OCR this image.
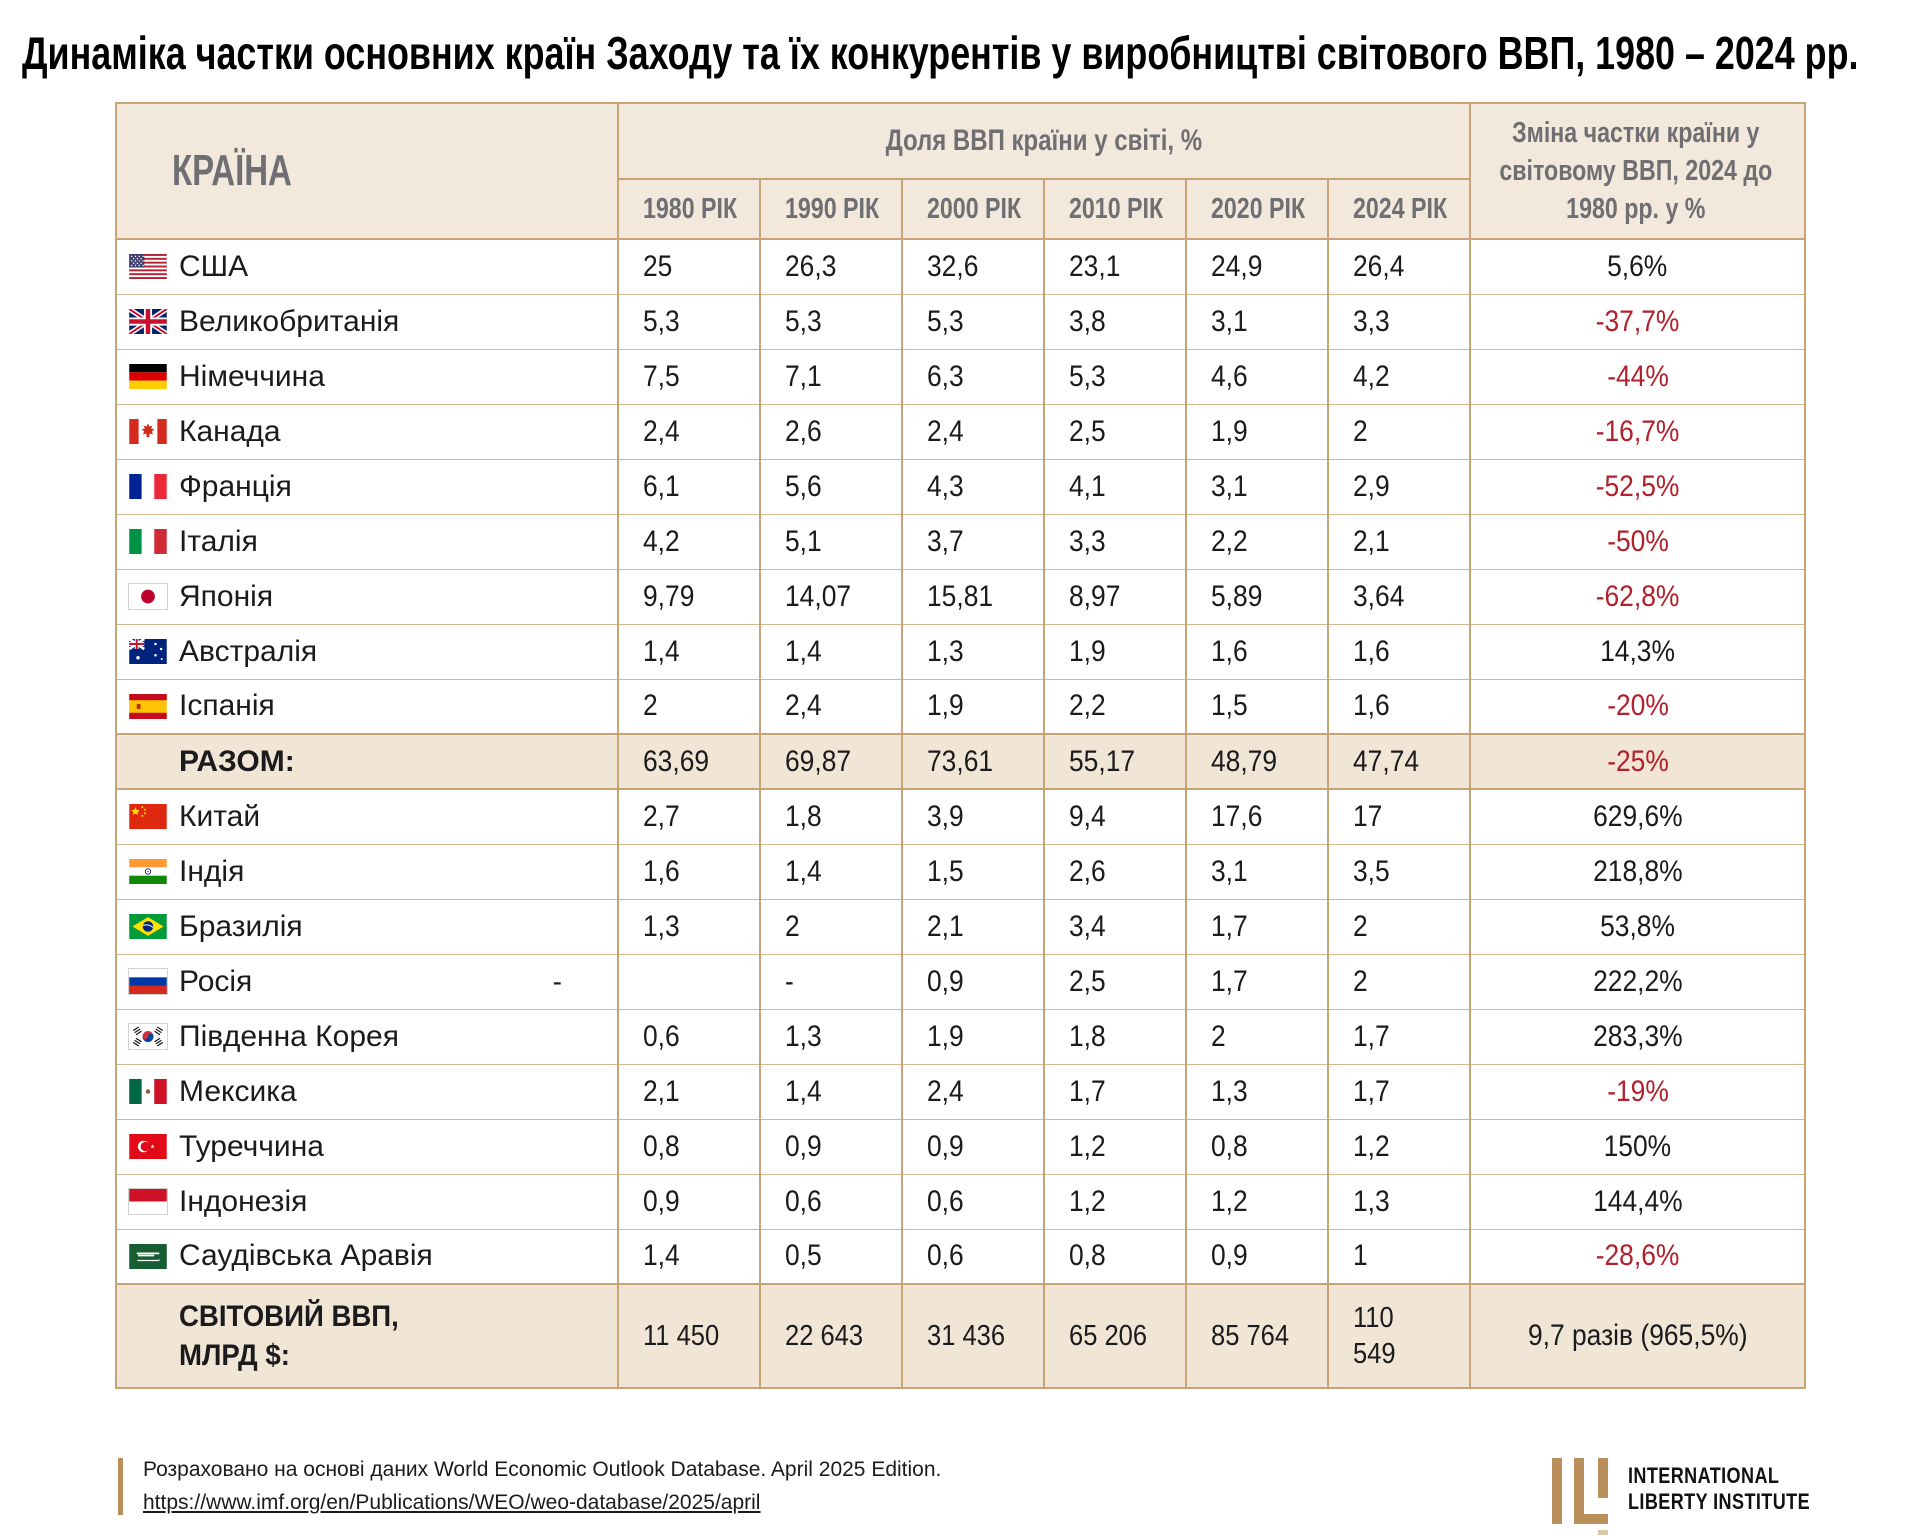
Динаміка частки основних країн Заходу та їх конкурентів у виробництві світового ВВП, 1980 – 2024 рр.
КРАЇНА	Доля ВВП країни у світі, %						Зміна частки країни у світовому ВВП, 2024 до 1980 рр. у %

	1980 РІК	1990 РІК	2000 РІК	2010 РІК	2020 РІК	2024 РІК	

США	25	26,3	32,6	23,1	24,9	26,4	5,6%

Великобританія	5,3	5,3	5,3	3,8	3,1	3,3	-37,7%

Німеччина	7,5	7,1	6,3	5,3	4,6	4,2	-44%

Канада	2,4	2,6	2,4	2,5	1,9	2	-16,7%

Франція	6,1	5,6	4,3	4,1	3,1	2,9	-52,5%

Італія	4,2	5,1	3,7	3,3	2,2	2,1	-50%

Японія	9,79	14,07	15,81	8,97	5,89	3,64	-62,8%

Австралія	1,4	1,4	1,3	1,9	1,6	1,6	14,3%

Іспанія	2	2,4	1,9	2,2	1,5	1,6	-20%

РАЗОМ:	63,69	69,87	73,61	55,17	48,79	47,74	-25%

Китай	2,7	1,8	3,9	9,4	17,6	17	629,6%

Індія	1,6	1,4	1,5	2,6	3,1	3,5	218,8%

Бразилія	1,3	2	2,1	3,4	1,7	2	53,8%

Росія -		-	0,9	2,5	1,7	2	222,2%

Південна Корея	0,6	1,3	1,9	1,8	2	1,7	283,3%

Мексика	2,1	1,4	2,4	1,7	1,3	1,7	-19%

Туреччина	0,8	0,9	0,9	1,2	0,8	1,2	150%

Індонезія	0,9	0,6	0,6	1,2	1,2	1,3	144,4%

Саудівська Аравія	1,4	0,5	0,6	0,8	0,9	1	-28,6%

СВІТОВИЙ ВВП, МЛРД $:	11 450	22 643	31 436	65 206	85 764	110 549	9,7 разів (965,5%)
Розраховано на основі даних World Economic Outlook Database. April 2025 Edition.
https://www.imf.org/en/Publications/WEO/weo-database/2025/april
INTERNATIONAL
LIBERTY INSTITUTE
